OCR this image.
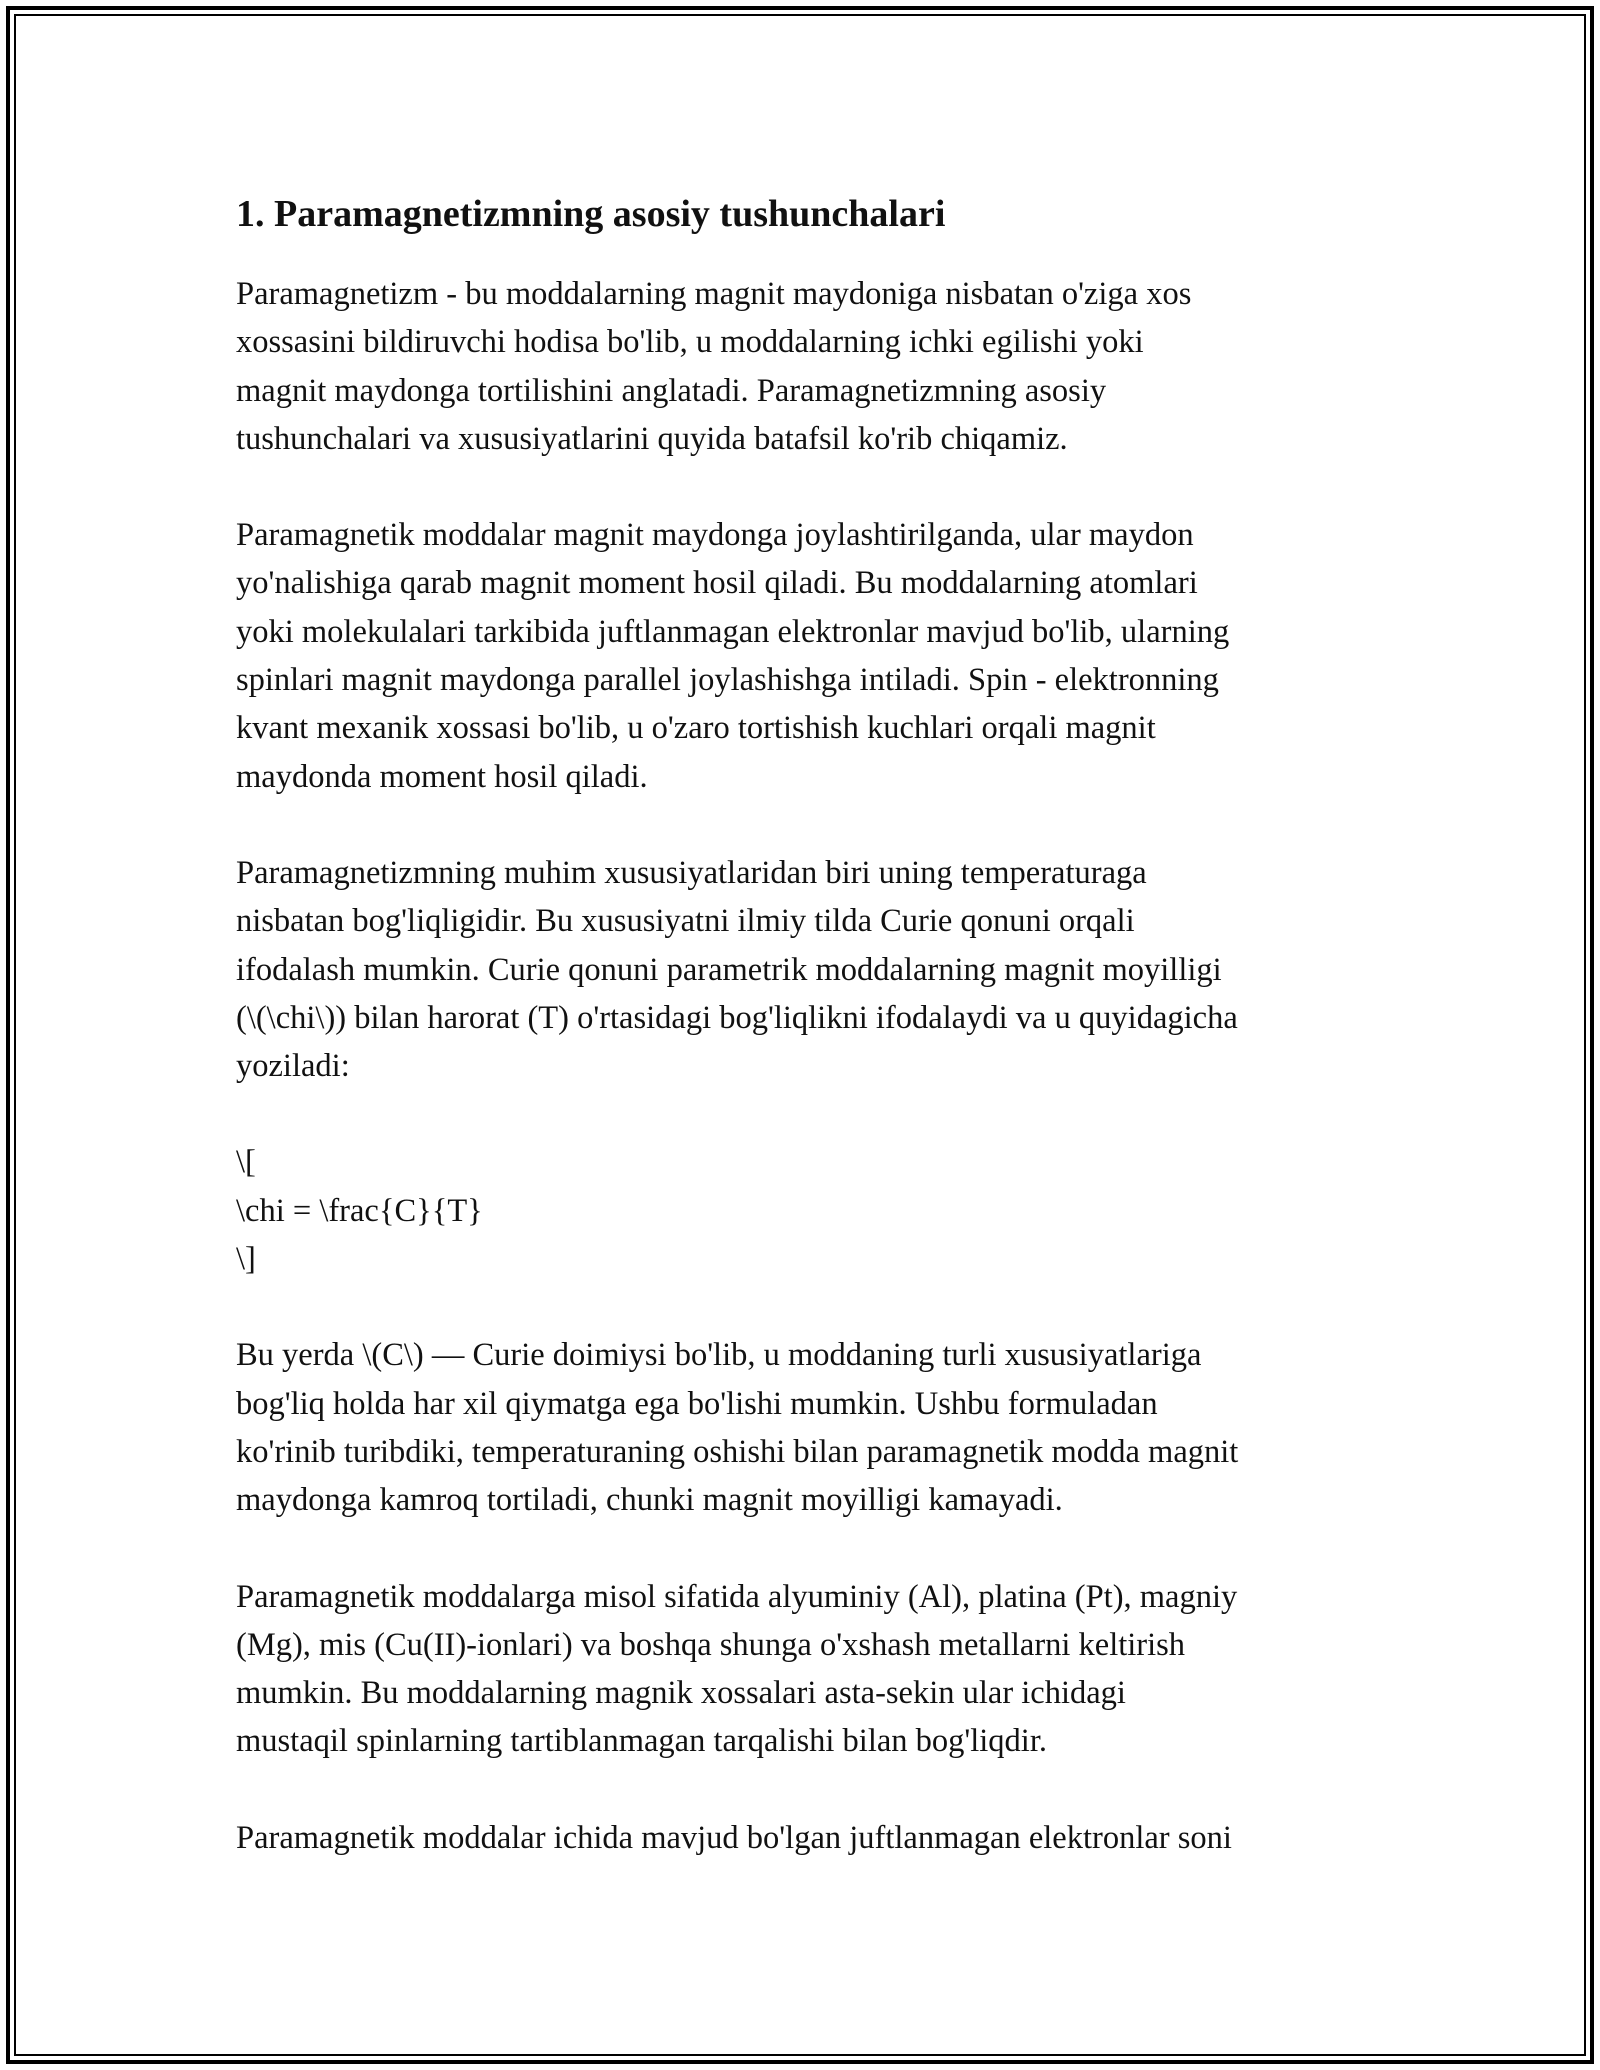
1. Paramagnetizmning asosiy tushunchalari

Paramagnetizm - bu moddalarning magnit maydoniga nisbatan o'ziga xos
xossasini bildiruvchi hodisa bo'lib, u moddalarning ichki egilishi yoki
magnit maydonga tortilishini anglatadi. Paramagnetizmning asosiy
tushunchalari va xususiyatlarini quyida batafsil ko'rib chiqamiz.

Paramagnetik moddalar magnit maydonga joylashtirilganda, ular maydon
yo'nalishiga qarab magnit moment hosil qiladi. Bu moddalarning atomlari
yoki molekulalari tarkibida juftlanmagan elektronlar mavjud bo'lib, ularning
spinlari magnit maydonga parallel joylashishga intiladi. Spin - elektronning
kvant mexanik xossasi bo'lib, u o'zaro tortishish kuchlari orqali magnit
maydonda moment hosil qiladi.

Paramagnetizmning muhim xususiyatlaridan biri uning temperaturaga
nisbatan bog'liqligidir. Bu xususiyatni ilmiy tilda Curie qonuni orqali
ifodalash mumkin. Curie qonuni parametrik moddalarning magnit moyilligi
(\(\chi\)) bilan harorat (T) o'rtasidagi bog'liqlikni ifodalaydi va u quyidagicha
yoziladi:

\[
\chi = \frac{C}{T}
\]

Bu yerda \(C\) — Curie doimiysi bo'lib, u moddaning turli xususiyatlariga
bog'liq holda har xil qiymatga ega bo'lishi mumkin. Ushbu formuladan
ko'rinib turibdiki, temperaturaning oshishi bilan paramagnetik modda magnit
maydonga kamroq tortiladi, chunki magnit moyilligi kamayadi.

Paramagnetik moddalarga misol sifatida alyuminiy (Al), platina (Pt), magniy
(Mg), mis (Cu(II)-ionlari) va boshqa shunga o'xshash metallarni keltirish
mumkin. Bu moddalarning magnik xossalari asta-sekin ular ichidagi
mustaqil spinlarning tartiblanmagan tarqalishi bilan bog'liqdir.

Paramagnetik moddalar ichida mavjud bo'lgan juftlanmagan elektronlar soni
